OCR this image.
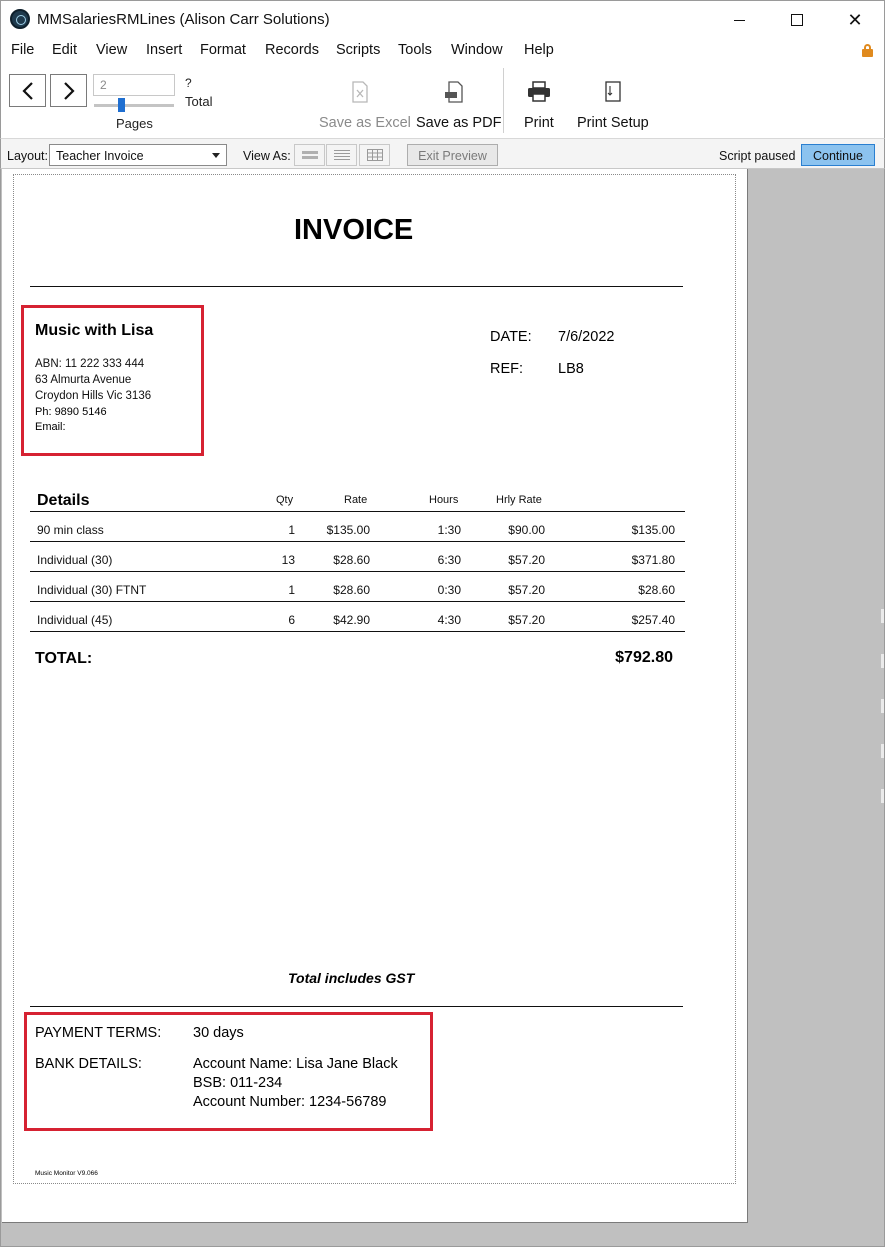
MMSalariesRMLines (Alison Carr Solutions)	✕
File Edit View Insert Format Records Scripts Tools Window Help
2
Pages
?
Total
Save as Excel Save as PDF Print Print Setup
Layout: Teacher Invoice	View As:	Exit Preview	Script paused	Continue
INVOICE
Music with Lisa
ABN: 11 222 333 444
63 Almurta Avenue
Croydon Hills Vic 3136
Ph: 9890 5146
Email:
DATE: 7/6/2022
REF: LB8
Details	Qty	Rate	Hours	Hrly Rate
90 min class	1	$135.00	1:30	$90.00	$135.00
Individual (30)	13	$28.60	6:30	$57.20	$371.80
Individual (30) FTNT	1	$28.60	0:30	$57.20	$28.60
Individual (45)	6	$42.90	4:30	$57.20	$257.40
TOTAL:	$792.80
Total includes GST
PAYMENT TERMS: 30 days
BANK DETAILS:	Account Name: Lisa Jane Black
BSB: 011-234
Account Number: 1234-56789
Music Monitor V9.066
